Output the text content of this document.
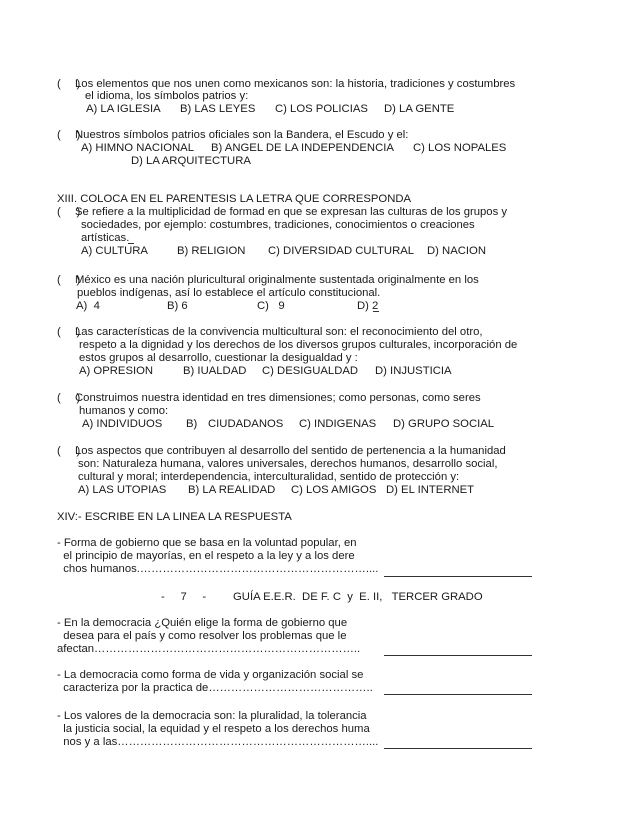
(     )
Los elementos que nos unen como mexicanos son: la historia, tradiciones y costumbres
el idioma, los símbolos patrios y:
A) LA IGLESIA B) LAS LEYES C) LOS POLICIAS D) LA GENTE
(     )
Nuestros símbolos patrios oficiales son la Bandera, el Escudo y el:
A) HIMNO NACIONAL B) ANGEL DE LA INDEPENDENCIA C) LOS NOPALES
D) LA ARQUITECTURA
XIII. COLOCA EN EL PARENTESIS LA LETRA QUE CORRESPONDA
(     )
Se refiere a la multiplicidad de formad en que se expresan las culturas de los grupos y
sociedades, por ejemplo: costumbres, tradiciones, conocimientos o creaciones
artísticas.
A) CULTURA	B) RELIGION C) DIVERSIDAD CULTURAL D) NACION
(     )
México es una nación pluricultural originalmente sustentada originalmente en los
pueblos indígenas, así lo establece el artículo constitucional.
A)  4	B) 6	C)   9	D) 2
(     )
Las características de la convivencia multicultural son: el reconocimiento del otro,
respeto a la dignidad y los derechos de los diversos grupos culturales, incorporación de
estos grupos al desarrollo, cuestionar la desigualdad y :
A) OPRESION	B) IUALDAD C) DESIGUALDAD D) INJUSTICIA
(     )
Construimos nuestra identidad en tres dimensiones; como personas, como seres
humanos y como:
A) INDIVIDUOS B) CIUDADANOS C) INDIGENAS D) GRUPO SOCIAL
(     )
Los aspectos que contribuyen al desarrollo del sentido de pertenencia a la humanidad
son: Naturaleza humana, valores universales, derechos humanos, desarrollo social,
cultural y moral; interdependencia, interculturalidad, sentido de protección y:
A) LAS UTOPIAS B) LA REALIDAD C) LOS AMIGOS D) EL INTERNET
XIV:- ESCRIBE EN LA LINEA LA RESPUESTA
- Forma de gobierno que se basa en la voluntad popular, en
el principio de mayorías, en el respeto a la ley y a los dere
chos humanos.……………………………………………………....
-     7     - GUÍA E.E.R.  DE F. C  y  E. II,   TERCER GRADO
- En la democracia ¿Quién elige la forma de gobierno que
desea para el país y como resolver los problemas que le
afectan……………………………………………………………..
- La democracia como forma de vida y organización social se
caracteriza por la practica de……………………………………..
- Los valores de la democracia son: la pluralidad, la tolerancia
la justicia social, la equidad y el respeto a los derechos huma
nos y a las…………………………………………………………....
